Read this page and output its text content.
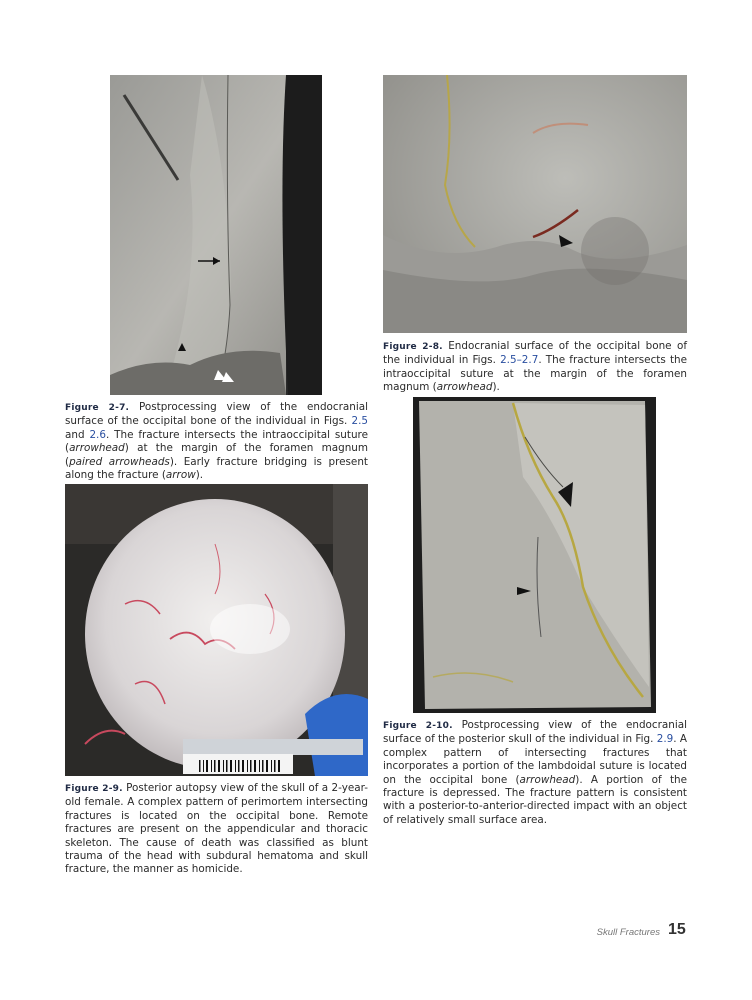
Figure 2-7. Postprocessing view of the endocranial surface of the occipital bone of the individual in Figs. 2.5 and 2.6. The fracture intersects the intraoccipital suture (arrowhead) at the margin of the foramen magnum (paired arrowheads). Early fracture bridging is present along the fracture (arrow).
Figure 2-8. Endocranial surface of the occipital bone of the individual in Figs. 2.5–2.7. The fracture intersects the intraoccipital suture at the margin of the foramen magnum (arrowhead).
Figure 2-9. Posterior autopsy view of the skull of a 2-year-old female. A complex pattern of perimortem intersecting fractures is located on the occipital bone. Remote fractures are present on the appendicular and thoracic skeleton. The cause of death was classified as blunt trauma of the head with subdural hematoma and skull fracture, the manner as homicide.
Figure 2-10. Postprocessing view of the endocranial surface of the posterior skull of the individual in Fig. 2.9. A complex pattern of intersecting fractures that incorporates a portion of the lambdoidal suture is located on the occipital bone (arrowhead). A portion of the fracture is depressed. The fracture pattern is consistent with a posterior-to-anterior-directed impact with an object of relatively small surface area.
Skull Fractures 15
